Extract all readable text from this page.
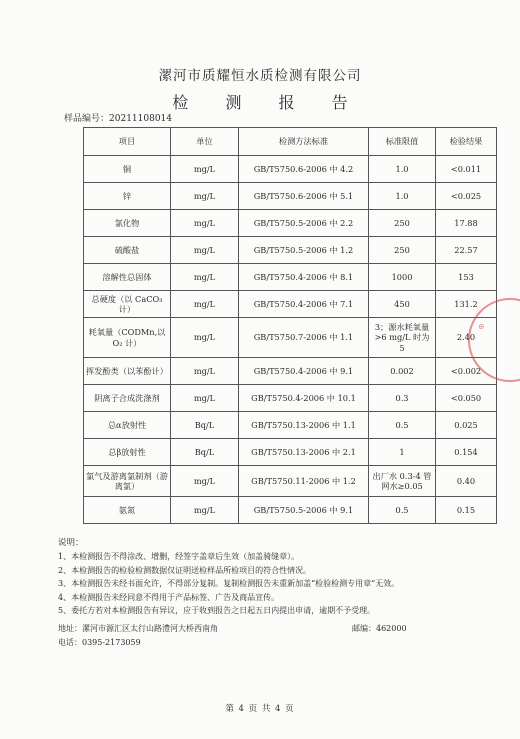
漯河市质耀恒水质检测有限公司
检 测 报 告
样品编号：20211108014
项目	单位	检测方法标准	标准限值	检验结果
铜	mg/L	GB/T5750.6-2006 中 4.2	1.0	<0.011
锌	mg/L	GB/T5750.6-2006 中 5.1	1.0	<0.025
氯化物	mg/L	GB/T5750.5-2006 中 2.2	250	17.88
硫酸盐	mg/L	GB/T5750.5-2006 中 1.2	250	22.57
溶解性总固体	mg/L	GB/T5750.4-2006 中 8.1	1000	153
总硬度（以 CaCO₃ 计）	mg/L	GB/T5750.4-2006 中 7.1	450	131.2
耗氧量（CODMn,以 O₂ 计）	mg/L	GB/T5750.7-2006 中 1.1	3；源水耗氧量>6 mg/L 时为 5	2.40
挥发酚类（以苯酚计）	mg/L	GB/T5750.4-2006 中 9.1	0.002	<0.002
阴离子合成洗涤剂	mg/L	GB/T5750.4-2006 中 10.1	0.3	<0.050
总α放射性	Bq/L	GB/T5750.13-2006 中 1.1	0.5	0.025
总β放射性	Bq/L	GB/T5750.13-2006 中 2.1	1	0.154
氯气及游离氯制剂（游离氯）	mg/L	GB/T5750.11-2006 中 1.2	出厂水 0.3-4 管网水≥0.05	0.40
氨氮	mg/L	GB/T5750.5-2006 中 9.1	0.5	0.15
说明：
1、本检测报告不得涂改、增删，经签字盖章后生效（加盖骑缝章）。
2、本检测报告的检验检测数据仅证明送检样品所检项目的符合性情况。
3、本检测报告未经书面允许，不得部分复制。复制检测报告未重新加盖“检验检测专用章”无效。
4、本检测报告未经同意不得用于产品标签、广告及商品宣传。
5、委托方若对本检测报告有异议，应于收到报告之日起五日内提出申请，逾期不予受理。
地址：漯河市源汇区太行山路澧河大桥西南角	邮编：462000
电话：0395-2173059
第 4 页 共 4 页
⊕
